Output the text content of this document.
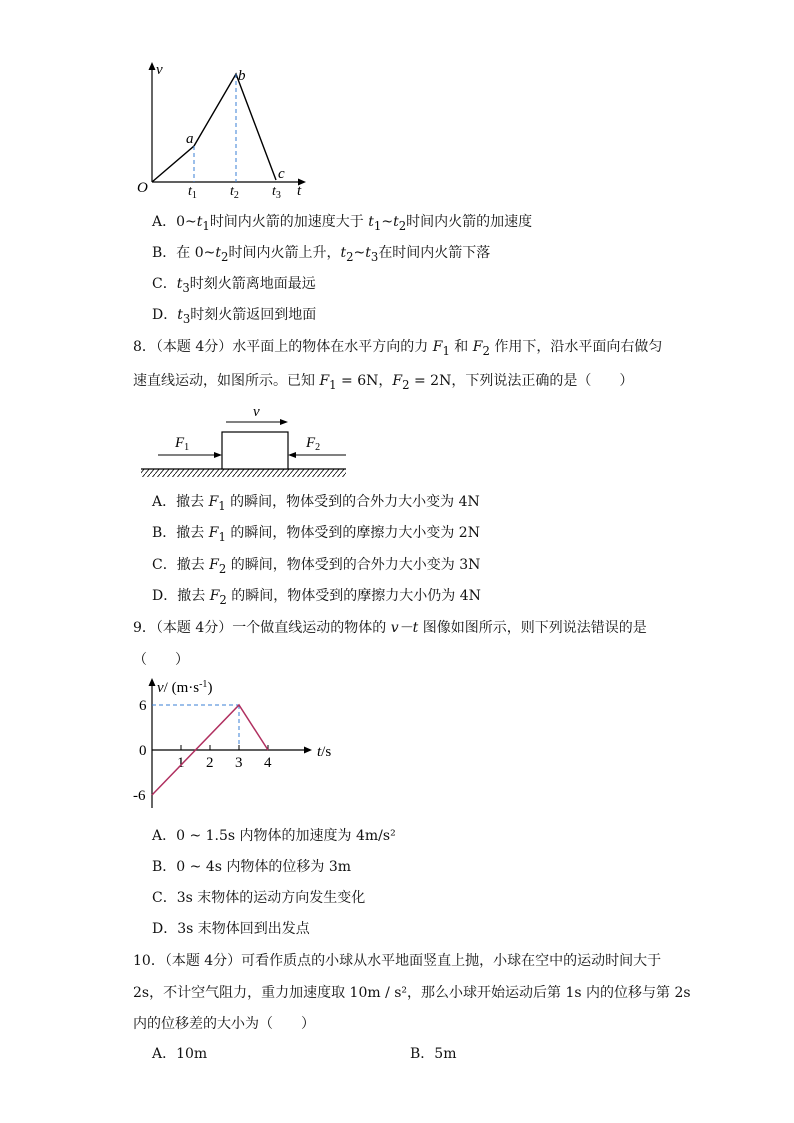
v
t
O
a
b
c
$t_1$ $t_2$ $t_3$
A．$0\sim t_1$时间内火箭的加速度大于 $t_1\sim t_2$时间内火箭的加速度
B．在 $0\sim t_2$时间内火箭上升，$t_2\sim t_3$在时间内火箭下落
C．$t_3$时刻火箭离地面最远
D．$t_3$时刻火箭返回到地面
8．（本题 4分）水平面上的物体在水平方向的力 $F_1$ 和 $F_2$ 作用下，沿水平面向右做匀
速直线运动，如图所示。已知 $F_1 = 6N$，$F_2 = 2N$，下列说法正确的是（　　）
v
$F_1$	$F_2$
A．撤去 $F_1$ 的瞬间，物体受到的合外力大小变为 4N
B．撤去 $F_1$ 的瞬间，物体受到的摩擦力大小变为 2N
C．撤去 $F_2$ 的瞬间，物体受到的合外力大小变为 3N
D．撤去 $F_2$ 的瞬间，物体受到的摩擦力大小仍为 4N
9．（本题 4分）一个做直线运动的物体的 v－t 图像如图所示，则下列说法错误的是
（　　）
v/ $(m\cdot s^{-1})$
t/s
1 2 3 4
6
0
-6
A．0 ~ 1.5s 内物体的加速度为 4m/s²
B．0 ~ 4s 内物体的位移为 3m
C．3s 末物体的运动方向发生变化
D．3s 末物体回到出发点
10．（本题 4分）可看作质点的小球从水平地面竖直上抛，小球在空中的运动时间大于
2s，不计空气阻力，重力加速度取 10m / s²，那么小球开始运动后第 1s 内的位移与第 2s
内的位移差的大小为（　　）
A．10m	B．5m
